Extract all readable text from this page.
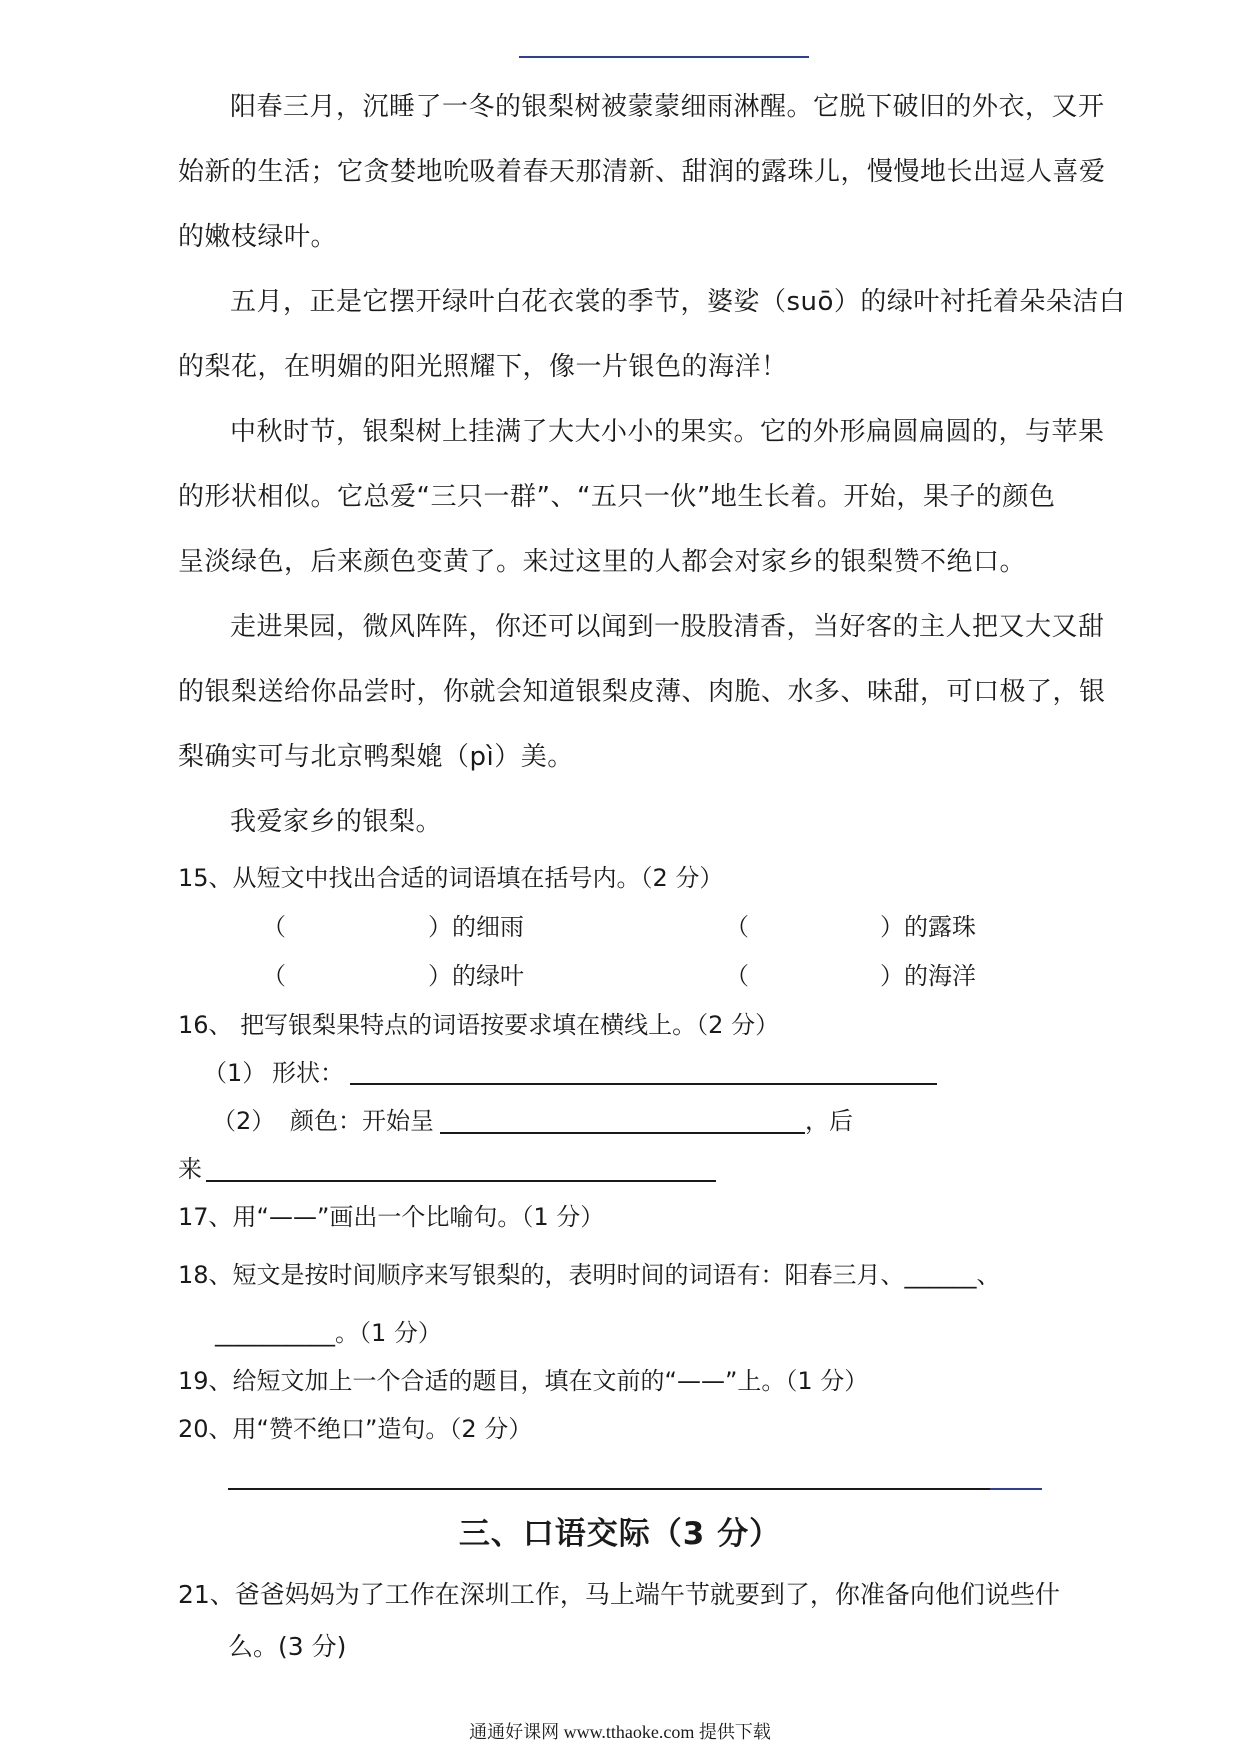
阳春三月，沉睡了一冬的银梨树被蒙蒙细雨淋醒。它脱下破旧的外衣，又开
始新的生活；它贪婪地吮吸着春天那清新、甜润的露珠儿，慢慢地长出逗人喜爱
的嫩枝绿叶。
五月，正是它摆开绿叶白花衣裳的季节，婆娑（suō）的绿叶衬托着朵朵洁白
的梨花，在明媚的阳光照耀下，像一片银色的海洋！
中秋时节，银梨树上挂满了大大小小的果实。它的外形扁圆扁圆的，与苹果
的形状相似。它总爱“三只一群”、“五只一伙”地生长着。开始，果子的颜色
呈淡绿色，后来颜色变黄了。来过这里的人都会对家乡的银梨赞不绝口。
走进果园，微风阵阵，你还可以闻到一股股清香，当好客的主人把又大又甜
的银梨送给你品尝时，你就会知道银梨皮薄、肉脆、水多、味甜，可口极了，银
梨确实可与北京鸭梨媲（pì）美。
我爱家乡的银梨。
15、从短文中找出合适的词语填在括号内。（2 分）
（	）的细雨	（	）的露珠
（	）的绿叶	（	）的海洋
16、 把写银梨果特点的词语按要求填在横线上。（2 分）
（1） 形状：
（2） 颜色：开始呈	，后
来
17、用“——”画出一个比喻句。（1 分）
18、短文是按时间顺序来写银梨的，表明时间的词语有：阳春三月、______、
__________。（1 分）
19、给短文加上一个合适的题目，填在文前的“——”上。（1 分）
20、用“赞不绝口”造句。（2 分）
三、口语交际（3 分）
21、爸爸妈妈为了工作在深圳工作，马上端午节就要到了，你准备向他们说些什
么。(3 分)
通通好课网 www.tthaoke.com 提供下载
